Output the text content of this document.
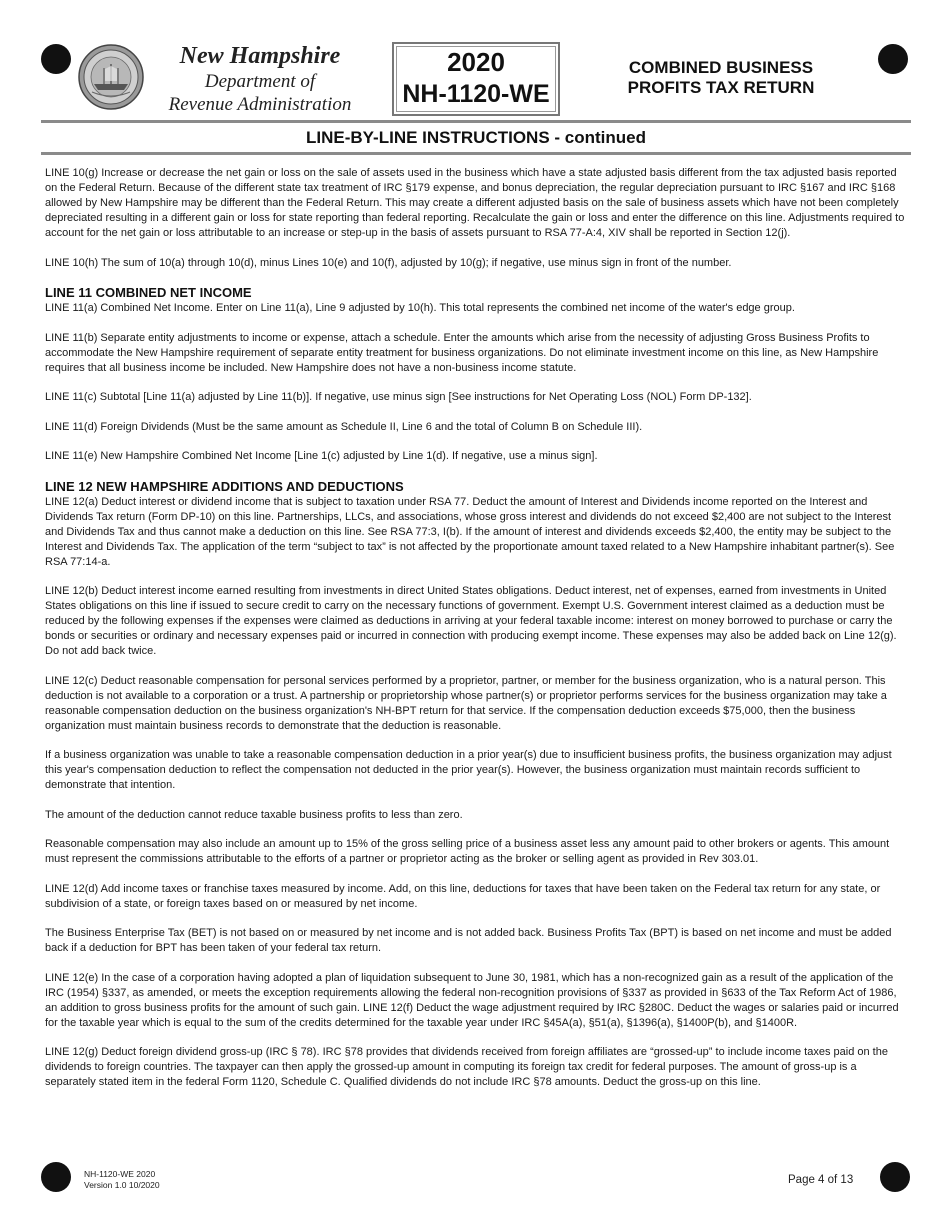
New Hampshire
Department of
Revenue Administration
2020
NH-1120-WE
COMBINED BUSINESS
PROFITS TAX RETURN
LINE-BY-LINE INSTRUCTIONS - continued

LINE 10(g) Increase or decrease the net gain or loss on the sale of assets used in the business which have a state adjusted basis different from the tax adjusted basis reported on the Federal Return. Because of the different state tax treatment of IRC §179 expense, and bonus depreciation, the regular depreciation pursuant to IRC §167 and IRC §168 allowed by New Hampshire may be different than the Federal Return. This may create a different adjusted basis on the sale of business assets which have not been completely depreciated resulting in a different gain or loss for state reporting than federal reporting. Recalculate the gain or loss and enter the difference on this line. Adjustments required to account for the net gain or loss attributable to an increase or step-up in the basis of assets pursuant to RSA 77-A:4, XIV shall be reported in Section 12(j).

LINE 10(h) The sum of 10(a) through 10(d), minus Lines 10(e) and 10(f), adjusted by 10(g); if negative, use minus sign in front of the number.

LINE 11 COMBINED NET INCOME

LINE 11(a) Combined Net Income. Enter on Line 11(a), Line 9 adjusted by 10(h). This total represents the combined net income of the water's edge group.

LINE 11(b) Separate entity adjustments to income or expense, attach a schedule. Enter the amounts which arise from the necessity of adjusting Gross Business Profits to accommodate the New Hampshire requirement of separate entity treatment for business organizations. Do not eliminate investment income on this line, as New Hampshire requires that all business income be included. New Hampshire does not have a non-business income statute.

LINE 11(c) Subtotal [Line 11(a) adjusted by Line 11(b)]. If negative, use minus sign [See instructions for Net Operating Loss (NOL) Form DP-132].

LINE 11(d) Foreign Dividends (Must be the same amount as Schedule II, Line 6 and the total of Column B on Schedule III).

LINE 11(e) New Hampshire Combined Net Income [Line 1(c) adjusted by Line 1(d). If negative, use a minus sign].

LINE 12 NEW HAMPSHIRE ADDITIONS AND DEDUCTIONS

LINE 12(a) Deduct interest or dividend income that is subject to taxation under RSA 77. Deduct the amount of Interest and Dividends income reported on the Interest and Dividends Tax return (Form DP-10) on this line. Partnerships, LLCs, and associations, whose gross interest and dividends do not exceed $2,400 are not subject to the Interest and Dividends Tax and thus cannot make a deduction on this line. See RSA 77:3, I(b). If the amount of interest and dividends exceeds $2,400, the entity may be subject to the Interest and Dividends Tax. The application of the term “subject to tax” is not affected by the proportionate amount taxed related to a New Hampshire inhabitant partner(s). See RSA 77:14-a.

LINE 12(b) Deduct interest income earned resulting from investments in direct United States obligations. Deduct interest, net of expenses, earned from investments in United States obligations on this line if issued to secure credit to carry on the necessary functions of government. Exempt U.S. Government interest claimed as a deduction must be reduced by the following expenses if the expenses were claimed as deductions in arriving at your federal taxable income: interest on money borrowed to purchase or carry the bonds or securities or ordinary and necessary expenses paid or incurred in connection with producing exempt income. These expenses may also be added back on Line 12(g). Do not add back twice.

LINE 12(c) Deduct reasonable compensation for personal services performed by a proprietor, partner, or member for the business organization, who is a natural person. This deduction is not available to a corporation or a trust. A partnership or proprietorship whose partner(s) or proprietor performs services for the business organization may take a reasonable compensation deduction on the business organization's NH-BPT return for that service. If the compensation deduction exceeds $75,000, then the business organization must maintain business records to demonstrate that the deduction is reasonable.

If a business organization was unable to take a reasonable compensation deduction in a prior year(s) due to insufficient business profits, the business organization may adjust this year's compensation deduction to reflect the compensation not deducted in the prior year(s). However, the business organization must maintain records sufficient to demonstrate that intention.

The amount of the deduction cannot reduce taxable business profits to less than zero.

Reasonable compensation may also include an amount up to 15% of the gross selling price of a business asset less any amount paid to other brokers or agents. This amount must represent the commissions attributable to the efforts of a partner or proprietor acting as the broker or selling agent as provided in Rev 303.01.

LINE 12(d) Add income taxes or franchise taxes measured by income. Add, on this line, deductions for taxes that have been taken on the Federal tax return for any state, or subdivision of a state, or foreign taxes based on or measured by net income.

The Business Enterprise Tax (BET) is not based on or measured by net income and is not added back. Business Profits Tax (BPT) is based on net income and must be added back if a deduction for BPT has been taken of your federal tax return.

LINE 12(e) In the case of a corporation having adopted a plan of liquidation subsequent to June 30, 1981, which has a non-recognized gain as a result of the application of the IRC (1954) §337, as amended, or meets the exception requirements allowing the federal non-recognition provisions of §337 as provided in §633 of the Tax Reform Act of 1986, an addition to gross business profits for the amount of such gain. LINE 12(f) Deduct the wage adjustment required by IRC §280C. Deduct the wages or salaries paid or incurred for the taxable year which is equal to the sum of the credits determined for the taxable year under IRC §45A(a), §51(a), §1396(a), §1400P(b), and §1400R.

LINE 12(g) Deduct foreign dividend gross-up (IRC § 78). IRC §78 provides that dividends received from foreign affiliates are “grossed-up” to include income taxes paid on the dividends to foreign countries. The taxpayer can then apply the grossed-up amount in computing its foreign tax credit for federal purposes. The amount of gross-up is a separately stated item in the federal Form 1120, Schedule C. Qualified dividends do not include IRC §78 amounts. Deduct the gross-up on this line.

NH-1120-WE 2020
Version 1.0 10/2020	Page 4 of 13
